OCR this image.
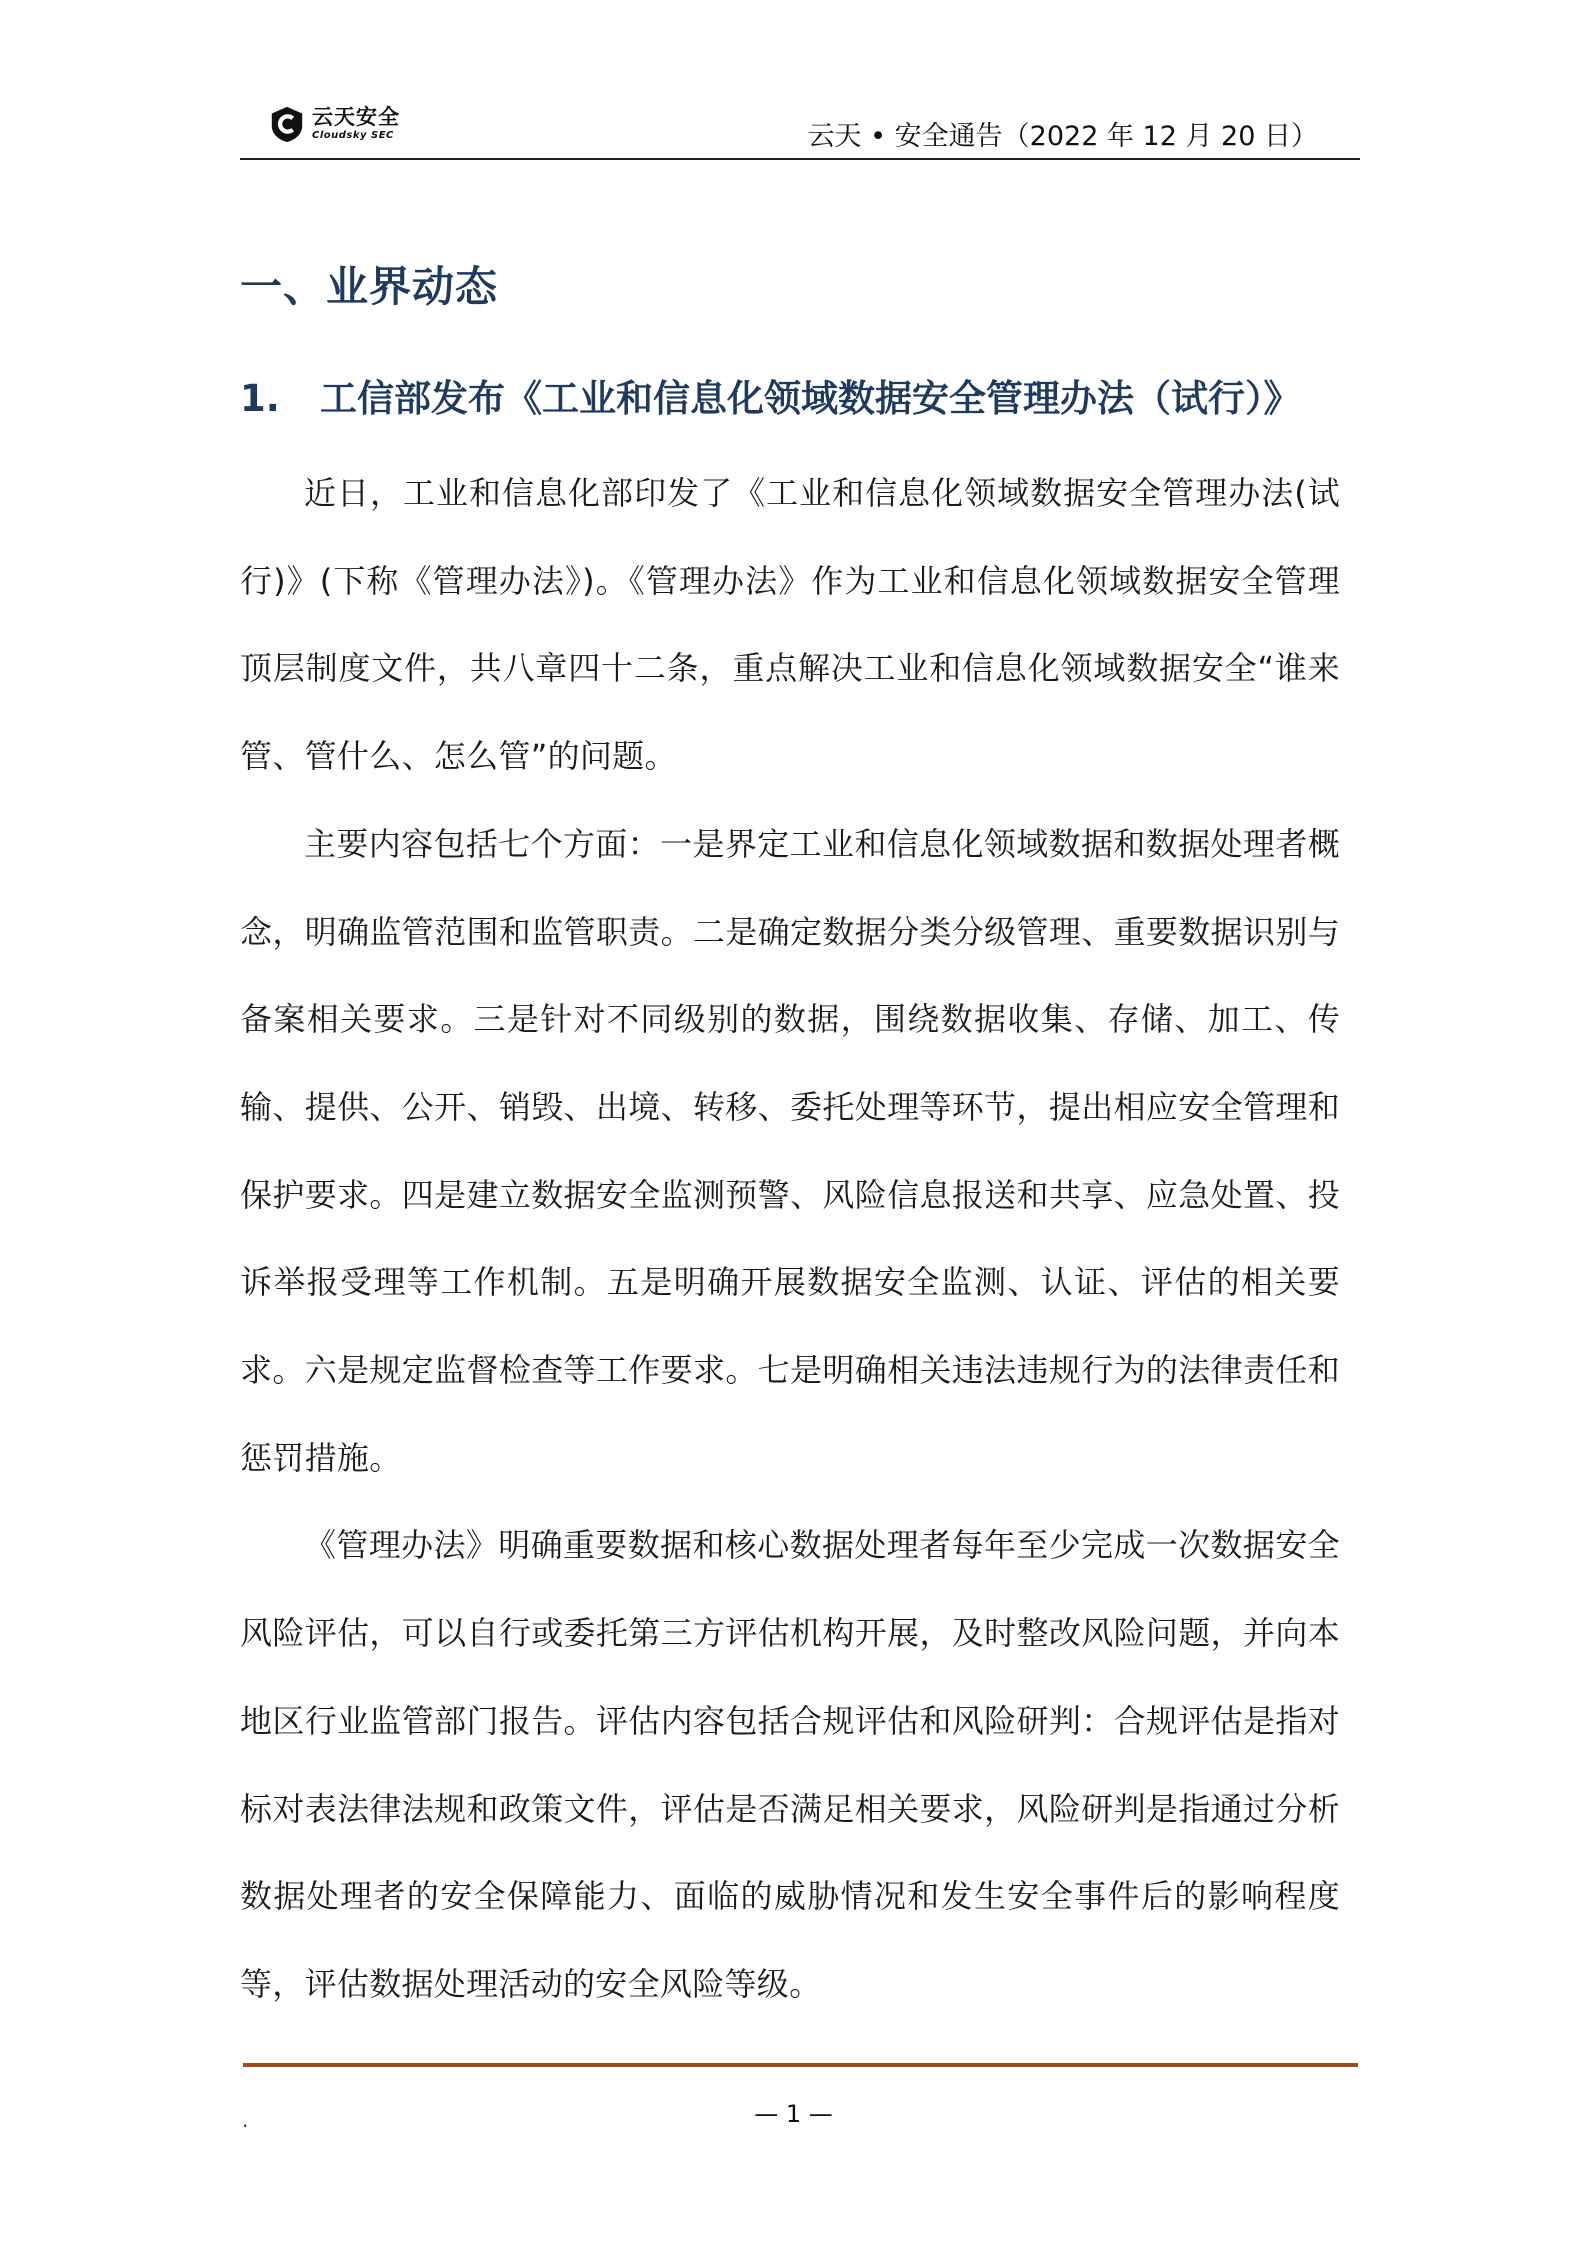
云天安全
Cloudsky SEC	云天 • 安全通告（2022 年 12 月 20 日）
一、业界动态
1. 工信部发布《工业和信息化领域数据安全管理办法（试行）》

近日，工业和信息化部印发了《工业和信息化领域数据安全管理办法(试行)》(下称《管理办法》)。《管理办法》作为工业和信息化领域数据安全管理顶层制度文件，共八章四十二条，重点解决工业和信息化领域数据安全“谁来管、管什么、怎么管”的问题。

主要内容包括七个方面：一是界定工业和信息化领域数据和数据处理者概念，明确监管范围和监管职责。二是确定数据分类分级管理、重要数据识别与备案相关要求。三是针对不同级别的数据，围绕数据收集、存储、加工、传输、提供、公开、销毁、出境、转移、委托处理等环节，提出相应安全管理和保护要求。四是建立数据安全监测预警、风险信息报送和共享、应急处置、投诉举报受理等工作机制。五是明确开展数据安全监测、认证、评估的相关要求。六是规定监督检查等工作要求。七是明确相关违法违规行为的法律责任和惩罚措施。

《管理办法》明确重要数据和核心数据处理者每年至少完成一次数据安全风险评估，可以自行或委托第三方评估机构开展，及时整改风险问题，并向本地区行业监管部门报告。评估内容包括合规评估和风险研判：合规评估是指对标对表法律法规和政策文件，评估是否满足相关要求，风险研判是指通过分析数据处理者的安全保障能力、面临的威胁情况和发生安全事件后的影响程度等，评估数据处理活动的安全风险等级。

.	— 1 —
